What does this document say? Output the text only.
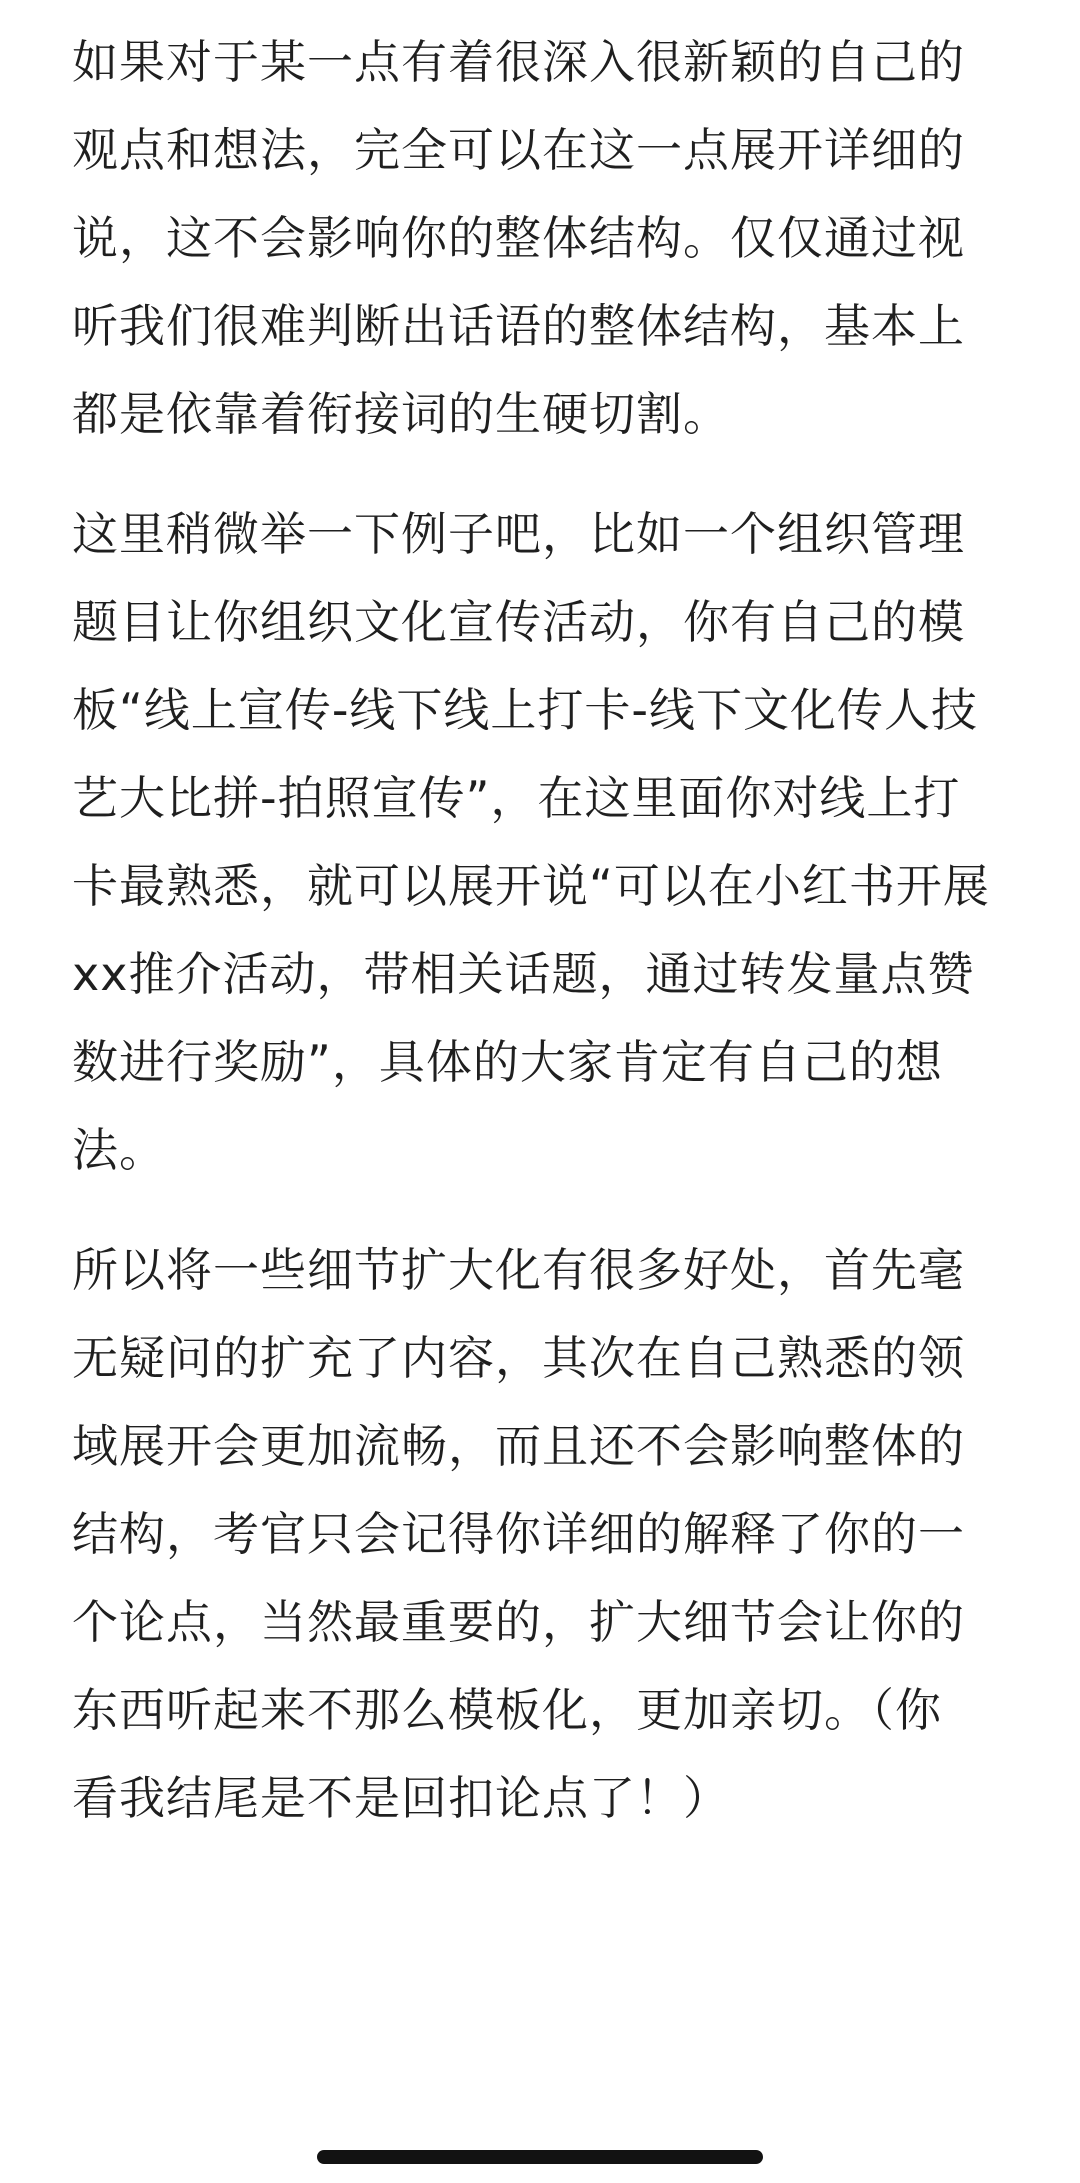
如果对于某一点有着很深入很新颖的自己的
观点和想法，完全可以在这一点展开详细的
说，这不会影响你的整体结构。仅仅通过视
听我们很难判断出话语的整体结构，基本上
都是依靠着衔接词的生硬切割。

这里稍微举一下例子吧，比如一个组织管理
题目让你组织文化宣传活动，你有自己的模
板“线上宣传-线下线上打卡-线下文化传人技
艺大比拼-拍照宣传”，在这里面你对线上打
卡最熟悉，就可以展开说“可以在小红书开展
xx推介活动，带相关话题，通过转发量点赞
数进行奖励”，具体的大家肯定有自己的想
法。

所以将一些细节扩大化有很多好处，首先毫
无疑问的扩充了内容，其次在自己熟悉的领
域展开会更加流畅，而且还不会影响整体的
结构，考官只会记得你详细的解释了你的一
个论点，当然最重要的，扩大细节会让你的
东西听起来不那么模板化，更加亲切。（你
看我结尾是不是回扣论点了！）
